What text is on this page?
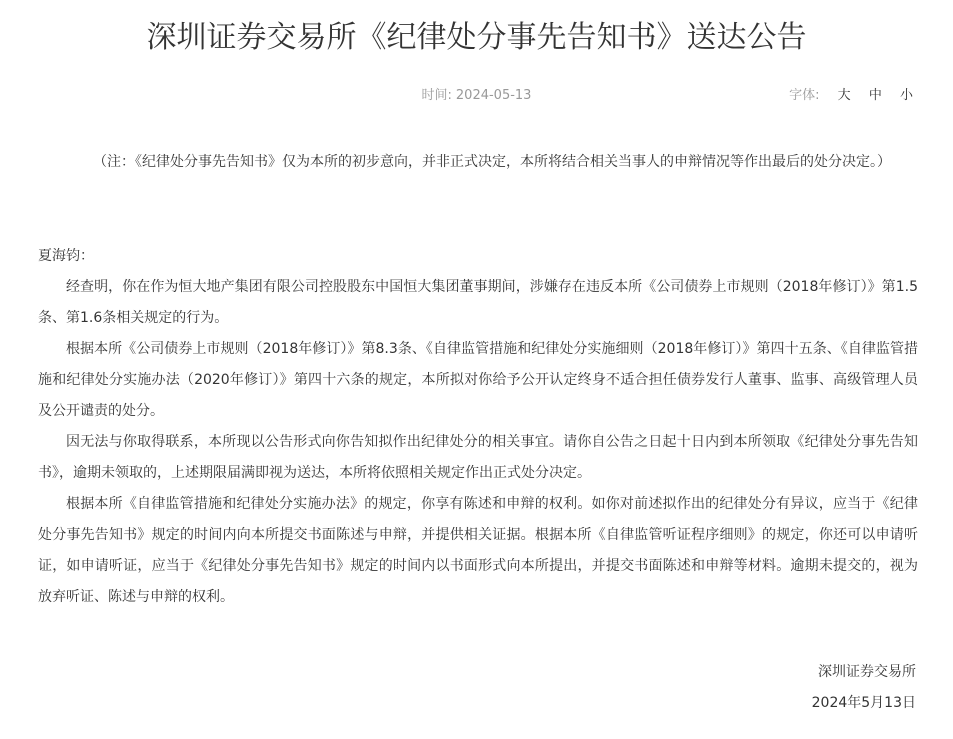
深圳证券交易所《纪律处分事先告知书》送达公告
时间: 2024-05-13	字体: 大 中 小
（注：《纪律处分事先告知书》仅为本所的初步意向，并非正式决定，本所将结合相关当事人的申辩情况等作出最后的处分决定。）

夏海钧：

经查明，你在作为恒大地产集团有限公司控股股东中国恒大集团董事期间，涉嫌存在违反本所《公司债券上市规则（2018年修订）》第1.5条、第1.6条相关规定的行为。

根据本所《公司债券上市规则（2018年修订）》第8.3条、《自律监管措施和纪律处分实施细则（2018年修订）》第四十五条、《自律监管措施和纪律处分实施办法（2020年修订）》第四十六条的规定，本所拟对你给予公开认定终身不适合担任债券发行人董事、监事、高级管理人员及公开谴责的处分。

因无法与你取得联系，本所现以公告形式向你告知拟作出纪律处分的相关事宜。请你自公告之日起十日内到本所领取《纪律处分事先告知书》，逾期未领取的，上述期限届满即视为送达，本所将依照相关规定作出正式处分决定。

根据本所《自律监管措施和纪律处分实施办法》的规定，你享有陈述和申辩的权利。如你对前述拟作出的纪律处分有异议，应当于《纪律处分事先告知书》规定的时间内向本所提交书面陈述与申辩，并提供相关证据。根据本所《自律监管听证程序细则》的规定，你还可以申请听证，如申请听证，应当于《纪律处分事先告知书》规定的时间内以书面形式向本所提出，并提交书面陈述和申辩等材料。逾期未提交的，视为放弃听证、陈述与申辩的权利。

深圳证券交易所
2024年5月13日
